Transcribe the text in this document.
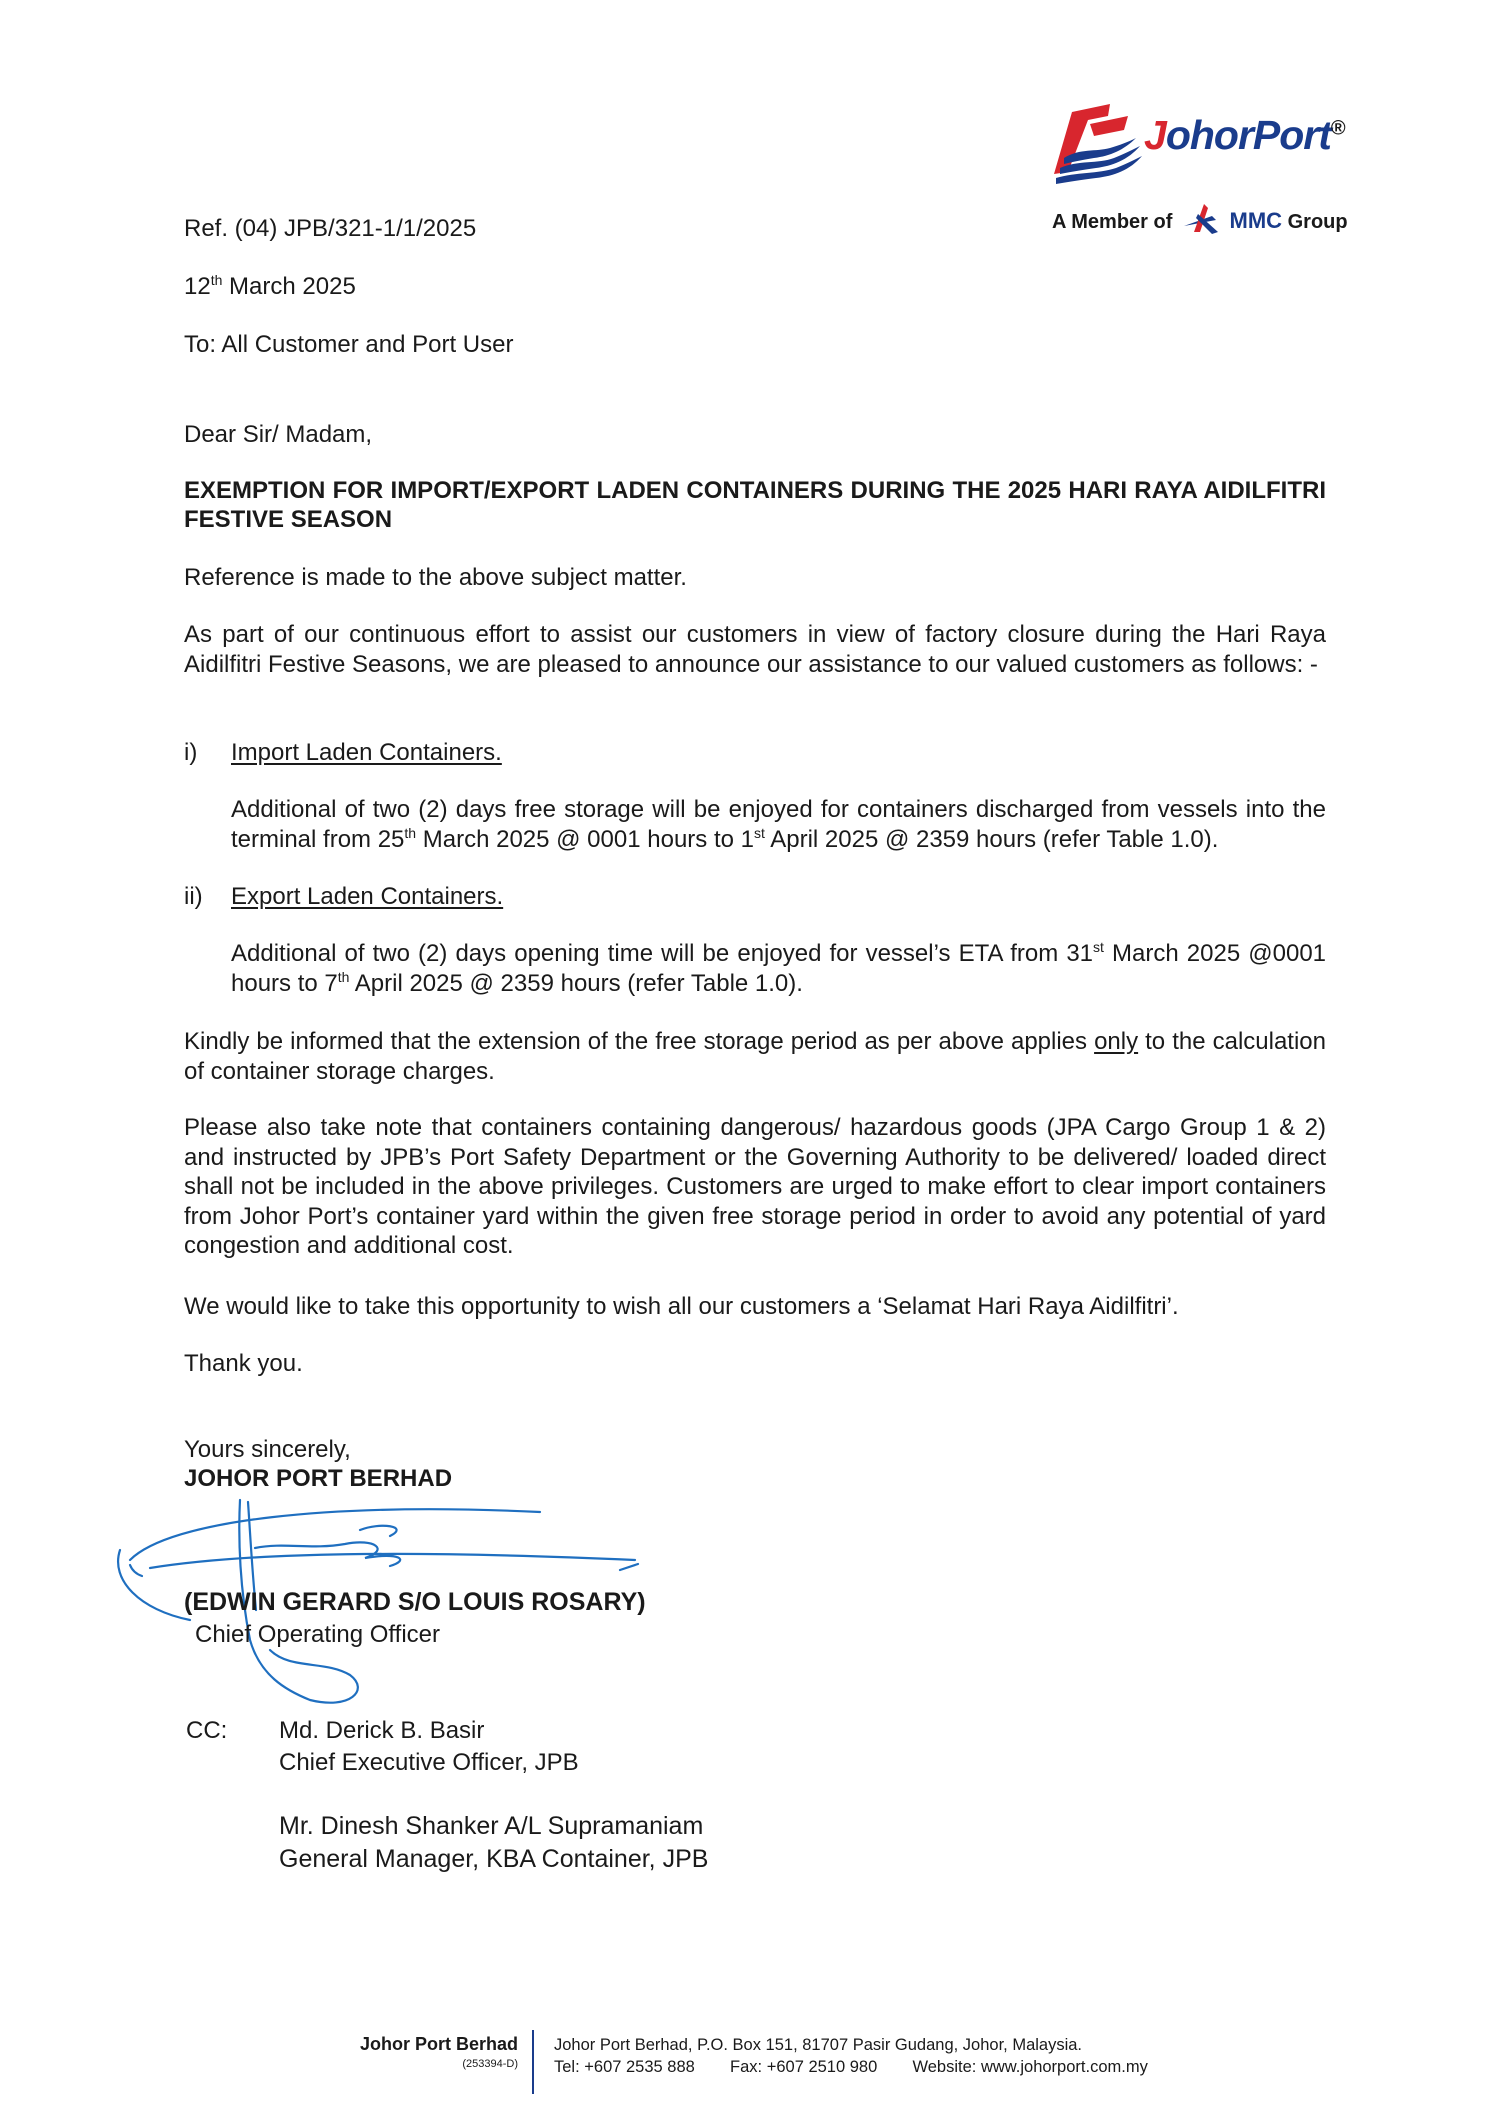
JohorPort®
A Member of	MMC Group
Ref. (04) JPB/321-1/1/2025
12th March 2025
To: All Customer and Port User
Dear Sir/ Madam,
EXEMPTION FOR IMPORT/EXPORT LADEN CONTAINERS DURING THE 2025 HARI RAYA AIDILFITRI FESTIVE SEASON
Reference is made to the above subject matter.
As part of our continuous effort to assist our customers in view of factory closure during the Hari Raya Aidilfitri Festive Seasons, we are pleased to announce our assistance to our valued customers as follows: -
i) Import Laden Containers.
Additional of two (2) days free storage will be enjoyed for containers discharged from vessels into the terminal from 25th March 2025 @ 0001 hours to 1st April 2025 @ 2359 hours (refer Table 1.0).
ii) Export Laden Containers.
Additional of two (2) days opening time will be enjoyed for vessel’s ETA from 31st March 2025 @0001 hours to 7th April 2025 @ 2359 hours (refer Table 1.0).
Kindly be informed that the extension of the free storage period as per above applies only to the calculation of container storage charges.
Please also take note that containers containing dangerous/ hazardous goods (JPA Cargo Group 1 & 2) and instructed by JPB’s Port Safety Department or the Governing Authority to be delivered/ loaded direct shall not be included in the above privileges. Customers are urged to make effort to clear import containers from Johor Port’s container yard within the given free storage period in order to avoid any potential of yard congestion and additional cost.
We would like to take this opportunity to wish all our customers a ‘Selamat Hari Raya Aidilfitri’.
Thank you.
Yours sincerely,
JOHOR PORT BERHAD
(EDWIN GERARD S/O LOUIS ROSARY)
Chief Operating Officer
CC: Md. Derick B. Basir
Chief Executive Officer, JPB
Mr. Dinesh Shanker A/L Supramaniam
General Manager, KBA Container, JPB
Johor Port Berhad
(253394-D)
Johor Port Berhad, P.O. Box 151, 81707 Pasir Gudang, Johor, Malaysia.
Tel: +607 2535 888 Fax: +607 2510 980 Website: www.johorport.com.my
